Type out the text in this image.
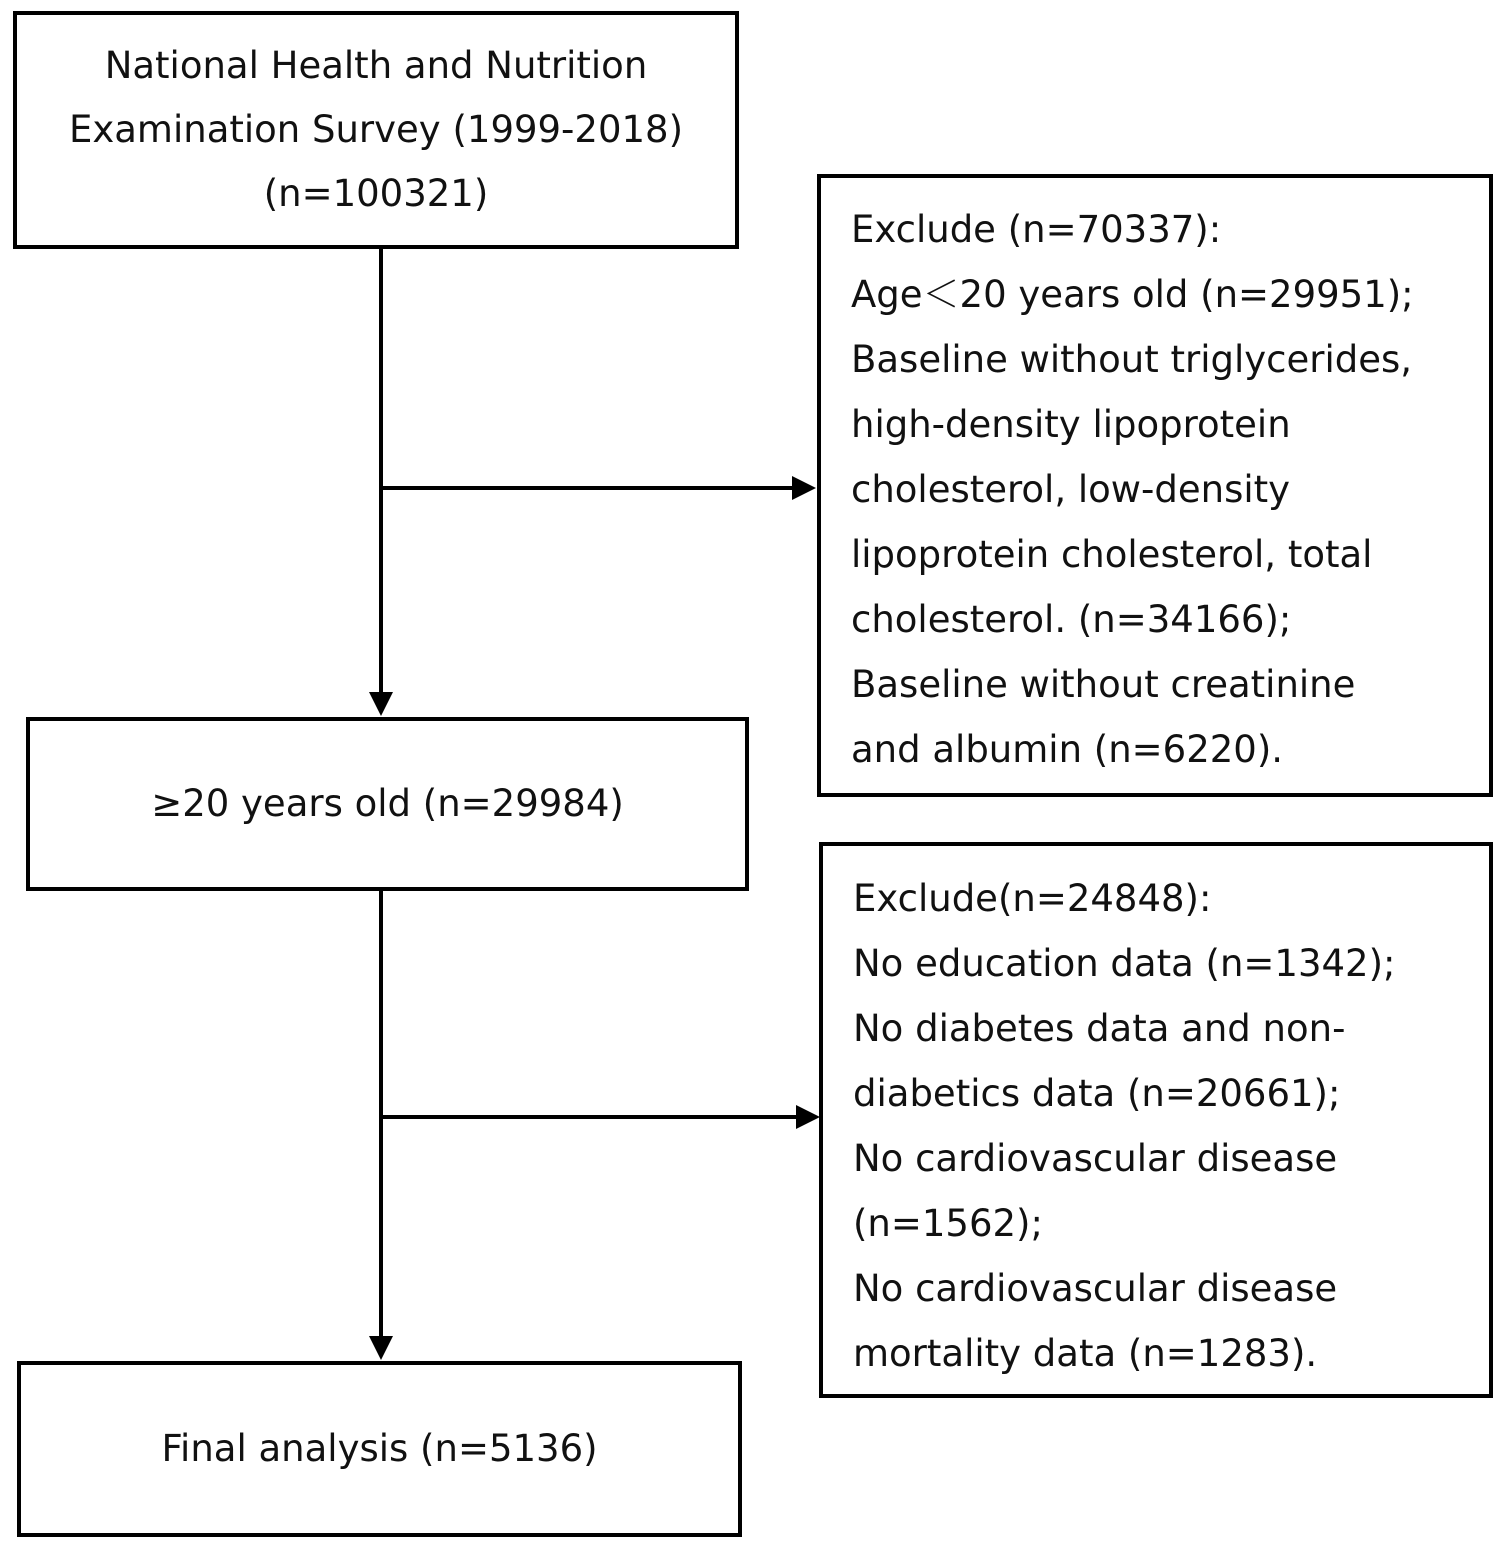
National Health and Nutrition
Examination Survey (1999-2018)
(n=100321)
≥20 years old (n=29984)
Final analysis (n=5136)
Exclude (n=70337):
Age＜20 years old (n=29951);
Baseline without triglycerides,
high-density lipoprotein
cholesterol, low-density
lipoprotein cholesterol, total
cholesterol. (n=34166);
Baseline without creatinine
and albumin (n=6220).
Exclude(n=24848):
No education data (n=1342);
No diabetes data and non-
diabetics data (n=20661);
No cardiovascular disease
(n=1562);
No cardiovascular disease
mortality data (n=1283).
